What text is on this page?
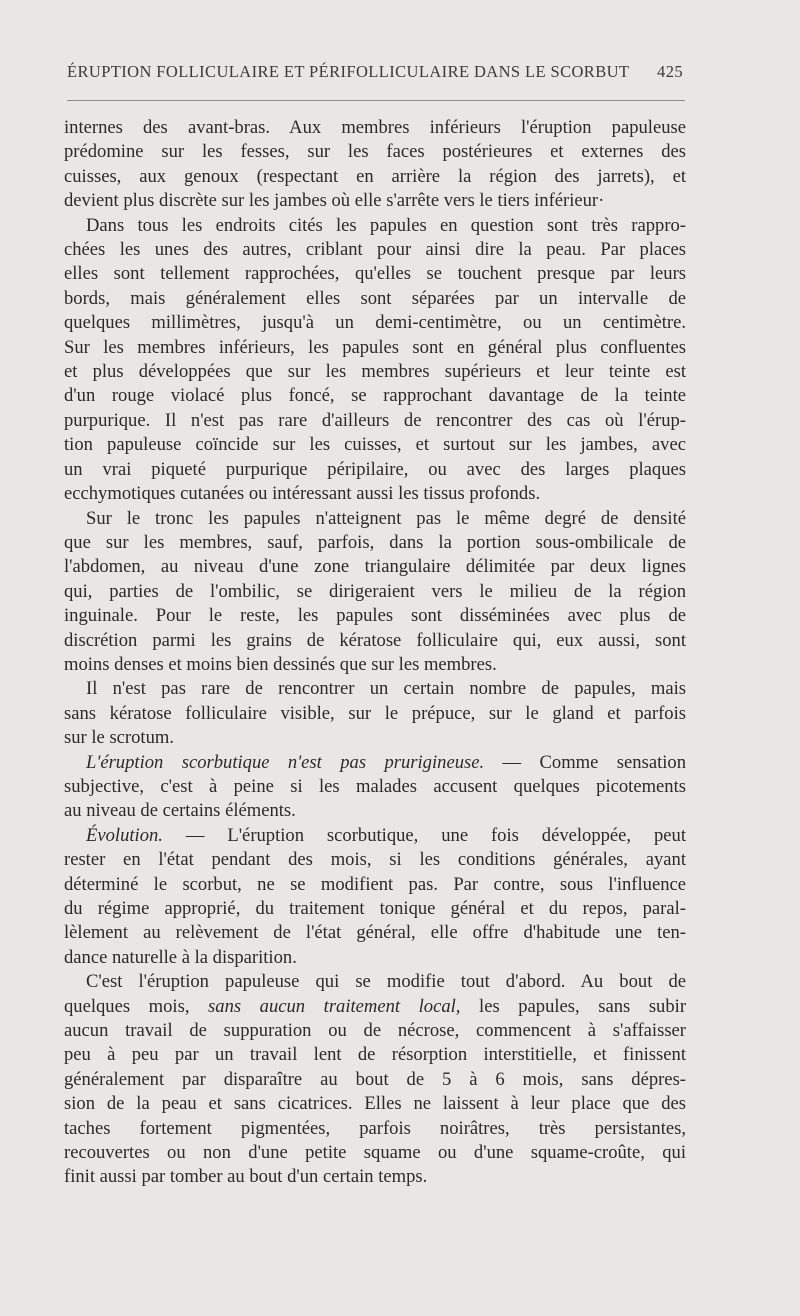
ÉRUPTION FOLLICULAIRE ET PÉRIFOLLICULAIRE DANS LE SCORBUT 425

internes des avant-bras. Aux membres inférieurs l'éruption papuleuse
prédomine sur les fesses, sur les faces postérieures et externes des
cuisses, aux genoux (respectant en arrière la région des jarrets), et
devient plus discrète sur les jambes où elle s'arrête vers le tiers inférieur·

Dans tous les endroits cités les papules en question sont très rappro-
chées les unes des autres, criblant pour ainsi dire la peau. Par places
elles sont tellement rapprochées, qu'elles se touchent presque par leurs
bords, mais généralement elles sont séparées par un intervalle de
quelques millimètres, jusqu'à un demi-centimètre, ou un centimètre.
Sur les membres inférieurs, les papules sont en général plus confluentes
et plus développées que sur les membres supérieurs et leur teinte est
d'un rouge violacé plus foncé, se rapprochant davantage de la teinte
purpurique. Il n'est pas rare d'ailleurs de rencontrer des cas où l'érup-
tion papuleuse coïncide sur les cuisses, et surtout sur les jambes, avec
un vrai piqueté purpurique péripilaire, ou avec des larges plaques
ecchymotiques cutanées ou intéressant aussi les tissus profonds.

Sur le tronc les papules n'atteignent pas le même degré de densité
que sur les membres, sauf, parfois, dans la portion sous-ombilicale de
l'abdomen, au niveau d'une zone triangulaire délimitée par deux lignes
qui, parties de l'ombilic, se dirigeraient vers le milieu de la région
inguinale. Pour le reste, les papules sont disséminées avec plus de
discrétion parmi les grains de kératose folliculaire qui, eux aussi, sont
moins denses et moins bien dessinés que sur les membres.

Il n'est pas rare de rencontrer un certain nombre de papules, mais
sans kératose folliculaire visible, sur le prépuce, sur le gland et parfois
sur le scrotum.

L'éruption scorbutique n'est pas prurigineuse. — Comme sensation
subjective, c'est à peine si les malades accusent quelques picotements
au niveau de certains éléments.

Évolution. — L'éruption scorbutique, une fois développée, peut
rester en l'état pendant des mois, si les conditions générales, ayant
déterminé le scorbut, ne se modifient pas. Par contre, sous l'influence
du régime approprié, du traitement tonique général et du repos, paral-
lèlement au relèvement de l'état général, elle offre d'habitude une ten-
dance naturelle à la disparition.

C'est l'éruption papuleuse qui se modifie tout d'abord. Au bout de
quelques mois, sans aucun traitement local, les papules, sans subir
aucun travail de suppuration ou de nécrose, commencent à s'affaisser
peu à peu par un travail lent de résorption interstitielle, et finissent
généralement par disparaître au bout de 5 à 6 mois, sans dépres-
sion de la peau et sans cicatrices. Elles ne laissent à leur place que des
taches fortement pigmentées, parfois noirâtres, très persistantes,
recouvertes ou non d'une petite squame ou d'une squame-croûte, qui
finit aussi par tomber au bout d'un certain temps.
